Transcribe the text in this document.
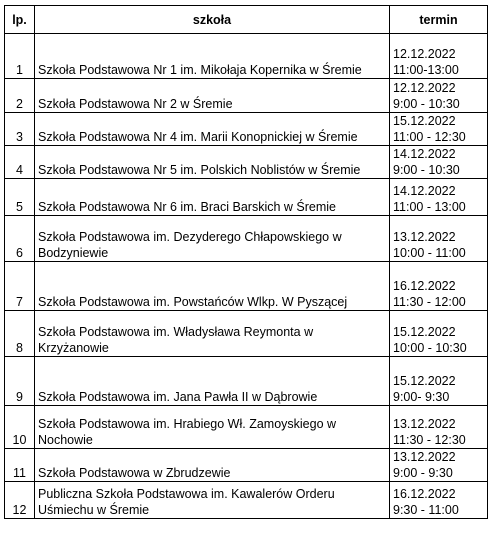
lp.	szkoła	termin
1	Szkoła Podstawowa Nr 1 im. Mikołaja Kopernika w Śremie	12.12.2022
11:00-13:00

2	Szkoła Podstawowa Nr 2 w Śremie	12.12.2022
9:00 - 10:30

3	Szkoła Podstawowa Nr 4 im. Marii Konopnickiej w Śremie	15.12.2022
11:00 - 12:30

4	Szkoła Podstawowa Nr 5 im. Polskich Noblistów w Śremie	14.12.2022
9:00 - 10:30

5	Szkoła Podstawowa Nr 6 im. Braci Barskich w Śremie	14.12.2022
11:00 - 13:00

6	Szkoła Podstawowa im. Dezyderego Chłapowskiego w Bodzyniewie	13.12.2022
10:00 - 11:00

7	Szkoła Podstawowa im. Powstańców Wlkp. W Pyszącej	16.12.2022
11:30 - 12:00

8	Szkoła Podstawowa im. Władysława Reymonta w Krzyżanowie	15.12.2022
10:00 - 10:30

9	Szkoła Podstawowa im. Jana Pawła II w Dąbrowie	15.12.2022
9:00- 9:30

10	Szkoła Podstawowa im. Hrabiego Wł. Zamoyskiego w Nochowie	13.12.2022
11:30 - 12:30

11	Szkoła Podstawowa w Zbrudzewie	13.12.2022
9:00 - 9:30

12	Publiczna Szkoła Podstawowa im. Kawalerów Orderu Uśmiechu w Śremie	16.12.2022
9:30 - 11:00
